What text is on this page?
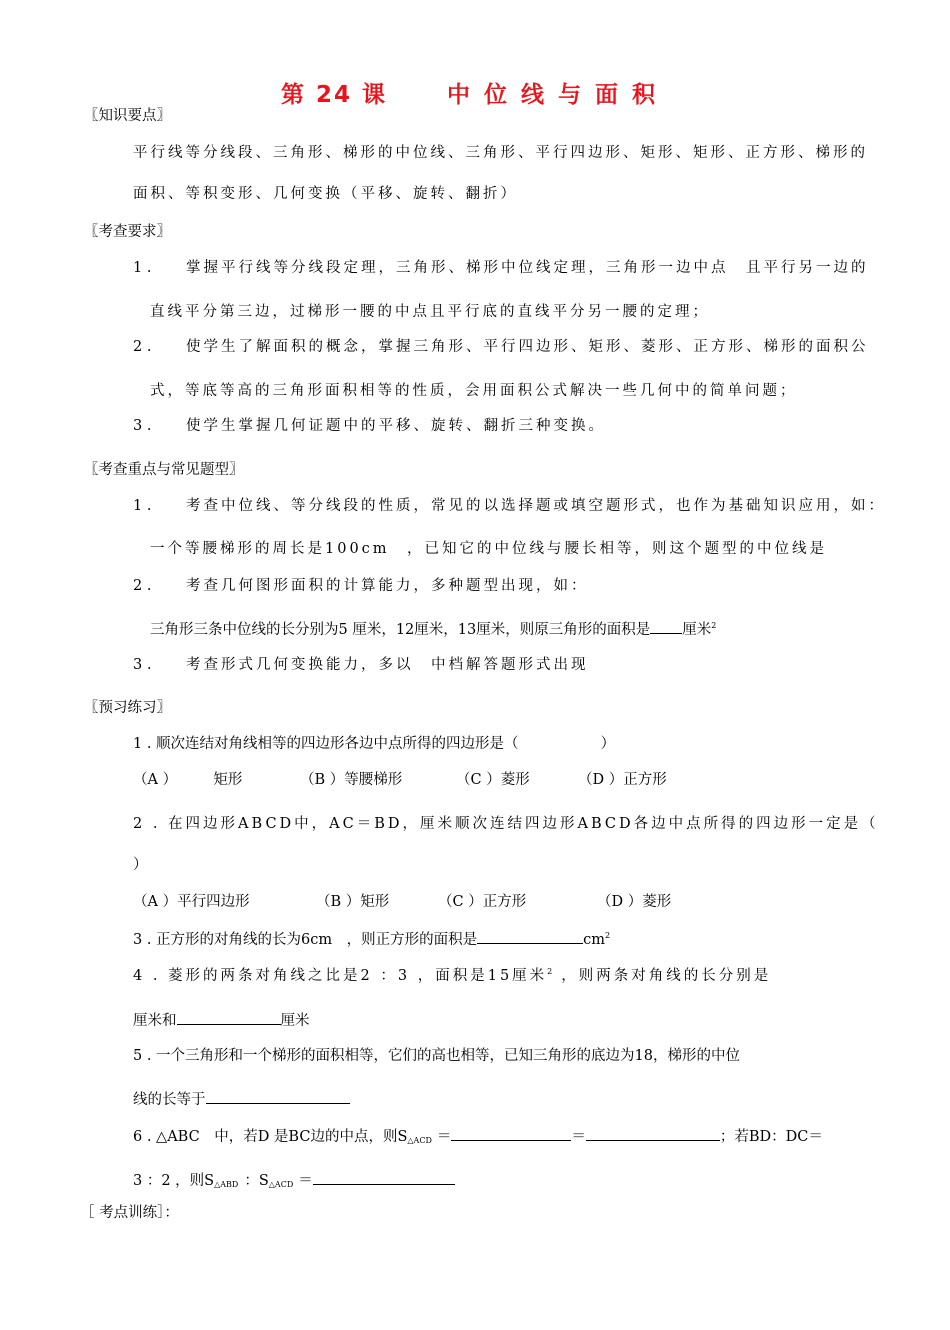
第 24 课	中位线与面积
〖知识要点〗
平行线等分线段、三角形、梯形的中位线、三角形、平行四边形、矩形、矩形、正方形、梯形的
面积、等积变形、几何变换（平移、旋转、翻折）
〖考查要求〗
1 . 掌握平行线等分线段定理，三角形、梯形中位线定理，三角形一边中点　且平行另一边的
直线平分第三边，过梯形一腰的中点且平行底的直线平分另一腰的定理；
2 . 使学生了解面积的概念，掌握三角形、平行四边形、矩形、菱形、正方形、梯形的面积公
式，等底等高的三角形面积相等的性质，会用面积公式解决一些几何中的简单问题；
3 . 使学生掌握几何证题中的平移、旋转、翻折三种变换。
〖考查重点与常见题型〗
1 . 考查中位线、等分线段的性质，常见的以选择题或填空题形式，也作为基础知识应用，如：
一个等腰梯形的周长是100cm　，已知它的中位线与腰长相等，则这个题型的中位线是
2 . 考查几何图形面积的计算能力，多种题型出现，如：
三角形三条中位线的长分别为5 厘米，12厘米，13厘米，则原三角形的面积是 厘米$^2$
3 . 考查形式几何变换能力，多以　中档解答题形式出现
〖预习练习〗
1 . 顺次连结对角线相等的四边形各边中点所得的四边形是（	）
（A ）　　　矩形	（B ）等腰梯形	（C ）菱形	（D ）正方形
2 . 在四边形ABCD中，AC＝BD，厘米顺次连结四边形ABCD各边中点所得的四边形一定是（
）
（A ）平行四边形	（B ）矩形	（C ）正方形	（D ）菱形
3 . 正方形的对角线的长为6cm　，则正方形的面积是	$cm^2$
4 . 菱形的两条对角线之比是2 ：3 ，面积是15厘米$^2$ ，则两条对角线的长分别是
厘米和	厘米
5 . 一个三角形和一个梯形的面积相等，它们的高也相等，已知三角形的底边为18，梯形的中位
线的长等于
6 . △ABC　中，若D 是BC边的中点，则$S_{\triangle ACD}$ ＝	＝	；若BD：DC＝
3 ：2 ，则$S_{\triangle ABD}$ ：$S_{\triangle ACD}$ ＝
［ 考点训练］：
